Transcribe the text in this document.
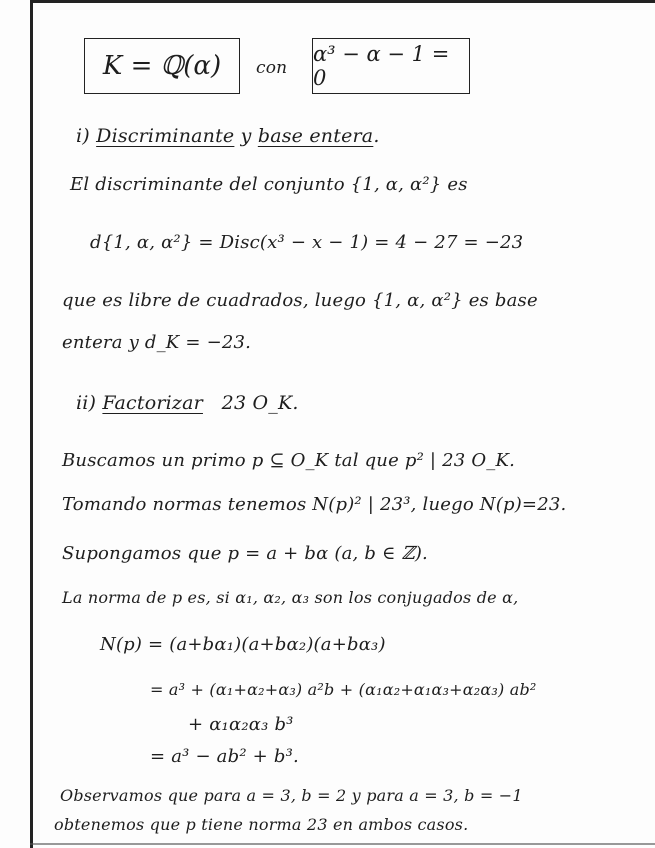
K = ℚ(α) con
α³ − α − 1 = 0
i) Discriminante y base entera.
El discriminante del conjunto {1, α, α²} es
d{1, α, α²} = Disc(x³ − x − 1) = 4 − 27 = −23
que es libre de cuadrados, luego {1, α, α²} es base
entera y d_K = −23.
ii) Factorizar 23 O_K.
Buscamos un primo p ⊆ O_K tal que p² | 23 O_K.
Tomando normas tenemos N(p)² | 23³, luego N(p)=23.
Supongamos que p = a + bα (a, b ∈ ℤ).
La norma de p es, si α₁, α₂, α₃ son los conjugados de α,
N(p) = (a+bα₁)(a+bα₂)(a+bα₃)
= a³ + (α₁+α₂+α₃) a²b + (α₁α₂+α₁α₃+α₂α₃) ab²
+ α₁α₂α₃ b³
= a³ − ab² + b³.
Observamos que para a = 3, b = 2 y para a = 3, b = −1
obtenemos que p tiene norma 23 en ambos casos.
